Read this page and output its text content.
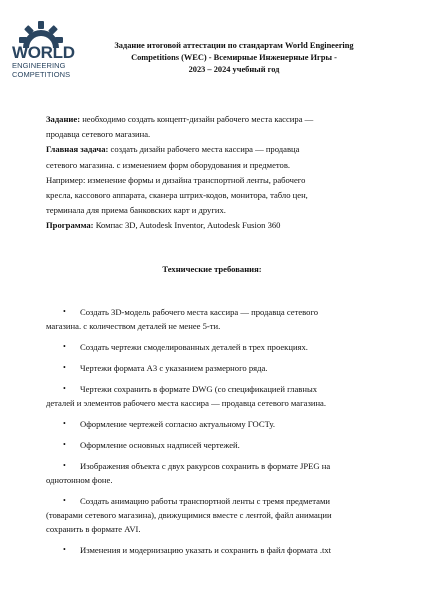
WORLD
ENGINEERING
COMPETITIONS
Задание итоговой аттестации по стандартам World Engineering
Competitions (WEC) - Всемирные Инженерные Игры -
2023 – 2024 учебный год
Задание: необходимо создать концепт-дизайн рабочего места кассира —
продавца сетевого магазина.
Главная задача: создать дизайн рабочего места кассира — продавца
сетевого магазина. с изменением форм оборудования и предметов.
Например: изменение формы и дизайна транспортной ленты, рабочего
кресла, кассового аппарата, сканера штрих-кодов, монитора, табло цен,
терминала для приема банковских карт и других.
Программа: Компас 3D, Autodesk Inventor, Autodesk Fusion 360
Технические требования:
•	Создать 3D-модель рабочего места кассира — продавца сетевого
магазина. с количеством деталей не менее 5-ти.
•	Создать чертежи смоделированных деталей в трех проекциях.
•	Чертежи формата А3 с указанием размерного ряда.
•	Чертежи сохранить в формате DWG (со спецификацией главных
деталей и элементов рабочего места кассира — продавца сетевого магазина.
•	Оформление чертежей согласно актуальному ГОСТу.
•	Оформление основных надписей чертежей.
•	Изображения объекта с двух ракурсов сохранить в формате JPEG на
однотонном фоне.
•	Создать анимацию работы транспортной ленты с тремя предметами
(товарами сетевого магазина), движущимися вместе с лентой, файл анимации
сохранить в формате AVI.
•	Изменения и модернизацию указать и сохранить в файл формата .txt
